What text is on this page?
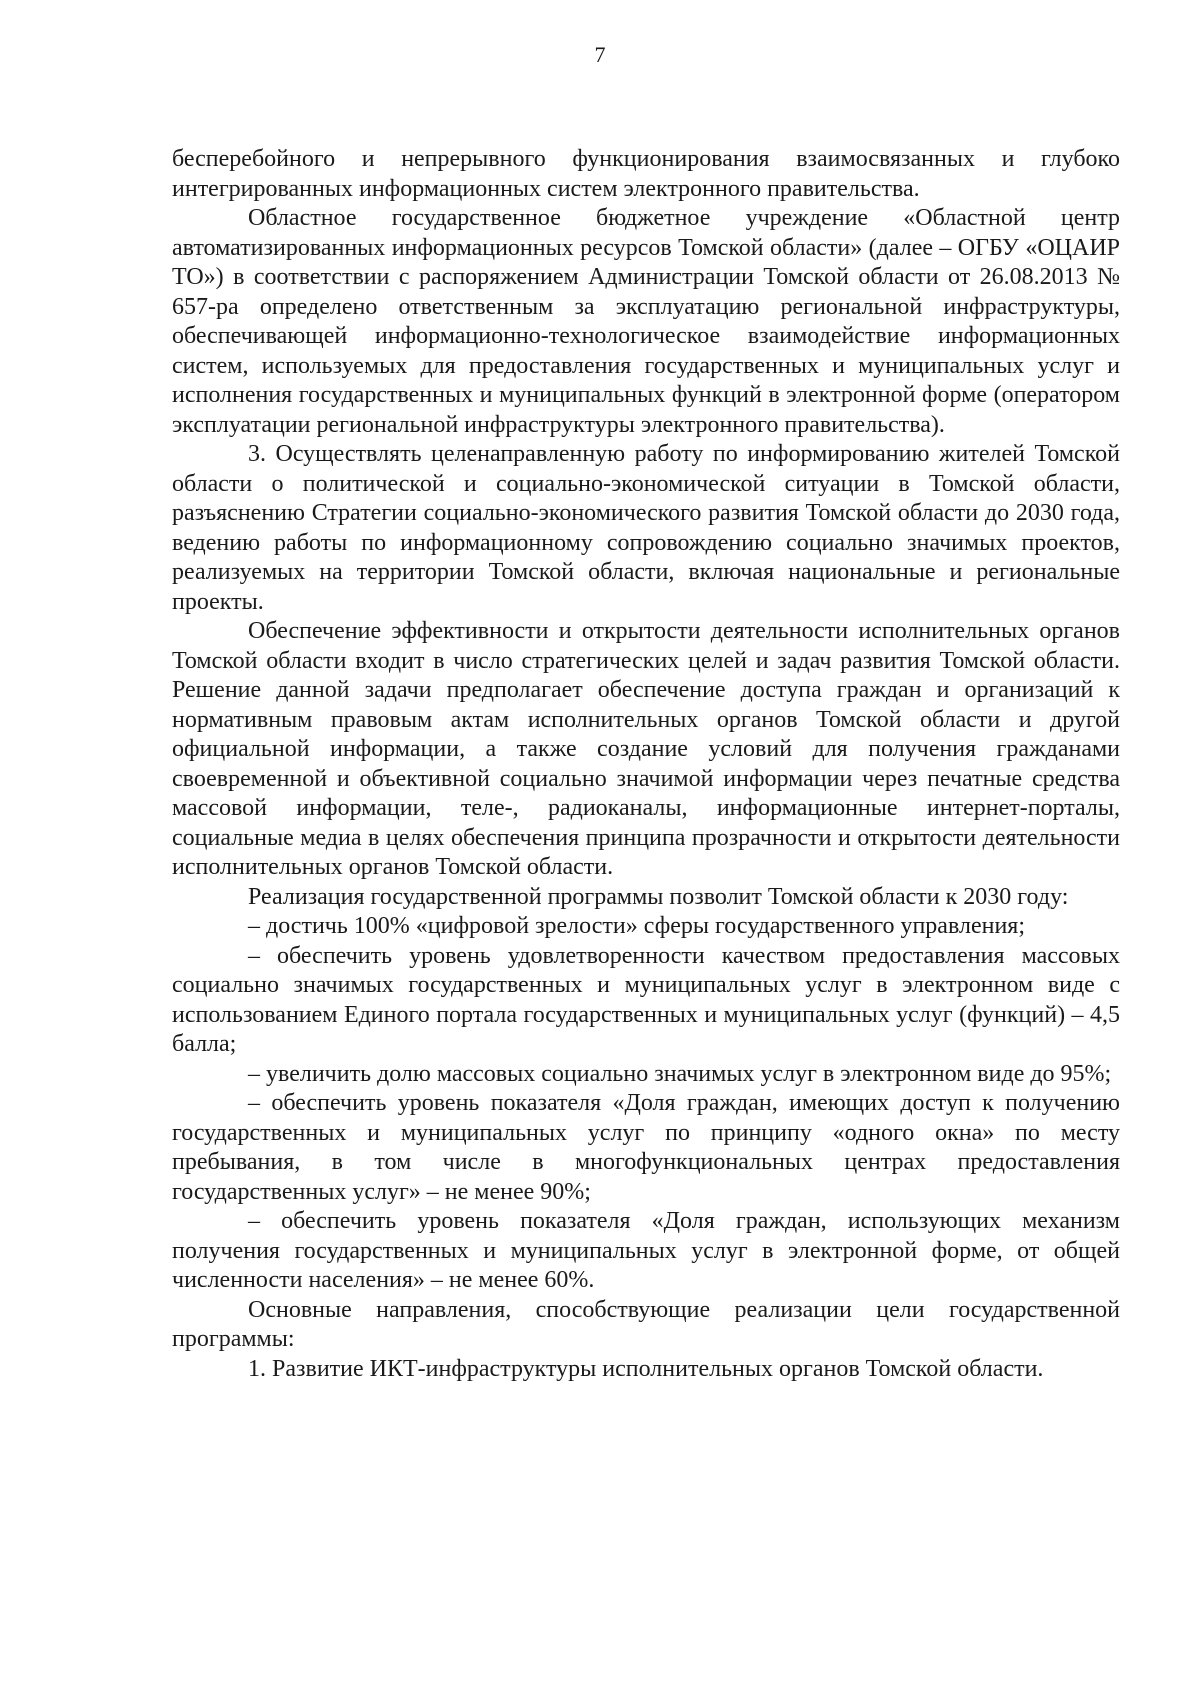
7

бесперебойного и непрерывного функционирования взаимосвязанных и глубоко интегрированных информационных систем электронного правительства.

Областное государственное бюджетное учреждение «Областной центр автоматизированных информационных ресурсов Томской области» (далее – ОГБУ «ОЦАИР ТО») в соответствии с распоряжением Администрации Томской области от 26.08.2013 № 657-ра определено ответственным за эксплуатацию региональной инфраструктуры, обеспечивающей информационно-технологическое взаимодействие информационных систем, используемых для предоставления государственных и муниципальных услуг и исполнения государственных и муниципальных функций в электронной форме (оператором эксплуатации региональной инфраструктуры электронного правительства).

3. Осуществлять целенаправленную работу по информированию жителей Томской области о политической и социально-экономической ситуации в Томской области, разъяснению Стратегии социально-экономического развития Томской области до 2030 года, ведению работы по информационному сопровождению социально значимых проектов, реализуемых на территории Томской области, включая национальные и региональные проекты.

Обеспечение эффективности и открытости деятельности исполнительных органов Томской области входит в число стратегических целей и задач развития Томской области. Решение данной задачи предполагает обеспечение доступа граждан и организаций к нормативным правовым актам исполнительных органов Томской области и другой официальной информации, а также создание условий для получения гражданами своевременной и объективной социально значимой информации через печатные средства массовой информации, теле-, радиоканалы, информационные интернет-порталы, социальные медиа в целях обеспечения принципа прозрачности и открытости деятельности исполнительных органов Томской области.

Реализация государственной программы позволит Томской области к 2030 году:

– достичь 100% «цифровой зрелости» сферы государственного управления;

– обеспечить уровень удовлетворенности качеством предоставления массовых социально значимых государственных и муниципальных услуг в электронном виде с использованием Единого портала государственных и муниципальных услуг (функций) – 4,5 балла;

– увеличить долю массовых социально значимых услуг в электронном виде до 95%;

– обеспечить уровень показателя «Доля граждан, имеющих доступ к получению государственных и муниципальных услуг по принципу «одного окна» по месту пребывания, в том числе в многофункциональных центрах предоставления государственных услуг» – не менее 90%;

– обеспечить уровень показателя «Доля граждан, использующих механизм получения государственных и муниципальных услуг в электронной форме, от общей численности населения» – не менее 60%.

Основные направления, способствующие реализации цели государственной программы:

1. Развитие ИКТ-инфраструктуры исполнительных органов Томской области.
